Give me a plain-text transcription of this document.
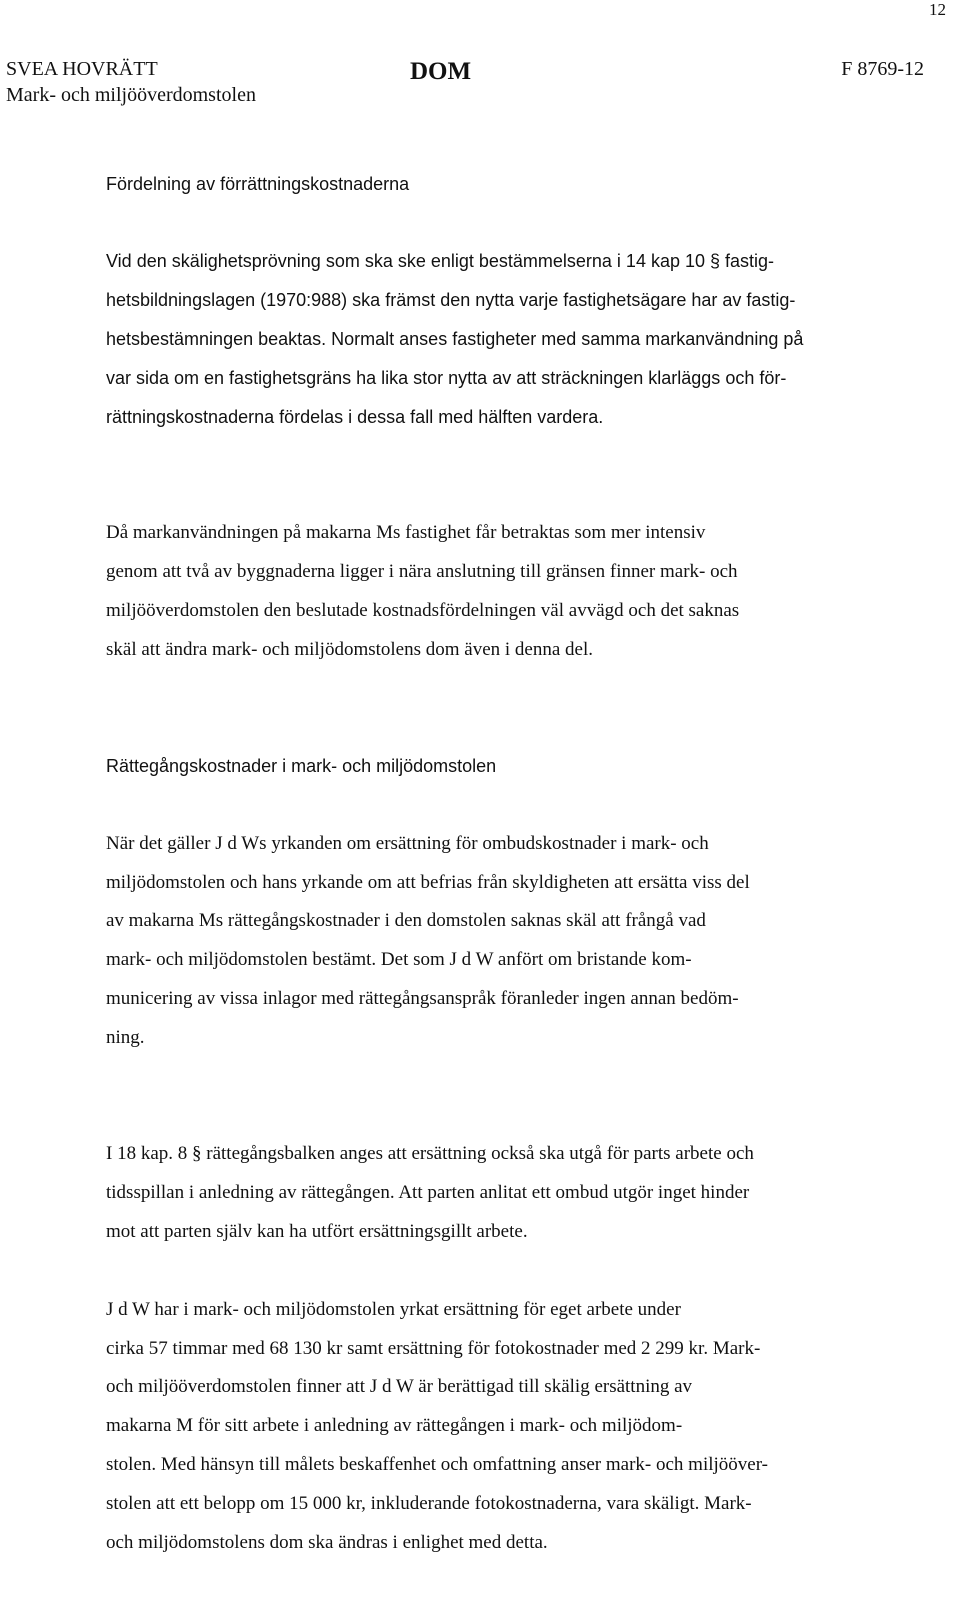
12
SVEA HOVRÄTT
Mark- och miljööverdomstolen
DOM	F 8769-12

Fördelning av förrättningskostnaderna

Vid den skälighetsprövning som ska ske enligt bestämmelserna i 14 kap 10 § fastig-
hetsbildningslagen (1970:988) ska främst den nytta varje fastighetsägare har av fastig-
hetsbestämningen beaktas. Normalt anses fastigheter med samma markanvändning på
var sida om en fastighetsgräns ha lika stor nytta av att sträckningen klarläggs och för-
rättningskostnaderna fördelas i dessa fall med hälften vardera.

Då markanvändningen på makarna Ms fastighet får betraktas som mer intensiv
genom att två av byggnaderna ligger i nära anslutning till gränsen finner mark- och
miljööverdomstolen den beslutade kostnadsfördelningen väl avvägd och det saknas
skäl att ändra mark- och miljödomstolens dom även i denna del.

Rättegångskostnader i mark- och miljödomstolen

När det gäller J d Ws yrkanden om ersättning för ombudskostnader i mark- och
miljödomstolen och hans yrkande om att befrias från skyldigheten att ersätta viss del
av makarna Ms rättegångskostnader i den domstolen saknas skäl att frångå vad
mark- och miljödomstolen bestämt. Det som J d W anfört om bristande kom-
municering av vissa inlagor med rättegångsanspråk föranleder ingen annan bedöm-
ning.

I 18 kap. 8 § rättegångsbalken anges att ersättning också ska utgå för parts arbete och
tidsspillan i anledning av rättegången. Att parten anlitat ett ombud utgör inget hinder
mot att parten själv kan ha utfört ersättningsgillt arbete.
J d W har i mark- och miljödomstolen yrkat ersättning för eget arbete under
cirka 57 timmar med 68 130 kr samt ersättning för fotokostnader med 2 299 kr. Mark-
och miljööverdomstolen finner att J d W är berättigad till skälig ersättning av
makarna M för sitt arbete i anledning av rättegången i mark- och miljödom-
stolen. Med hänsyn till målets beskaffenhet och omfattning anser mark- och miljööver-
stolen att ett belopp om 15 000 kr, inkluderande fotokostnaderna, vara skäligt. Mark-
och miljödomstolens dom ska ändras i enlighet med detta.
